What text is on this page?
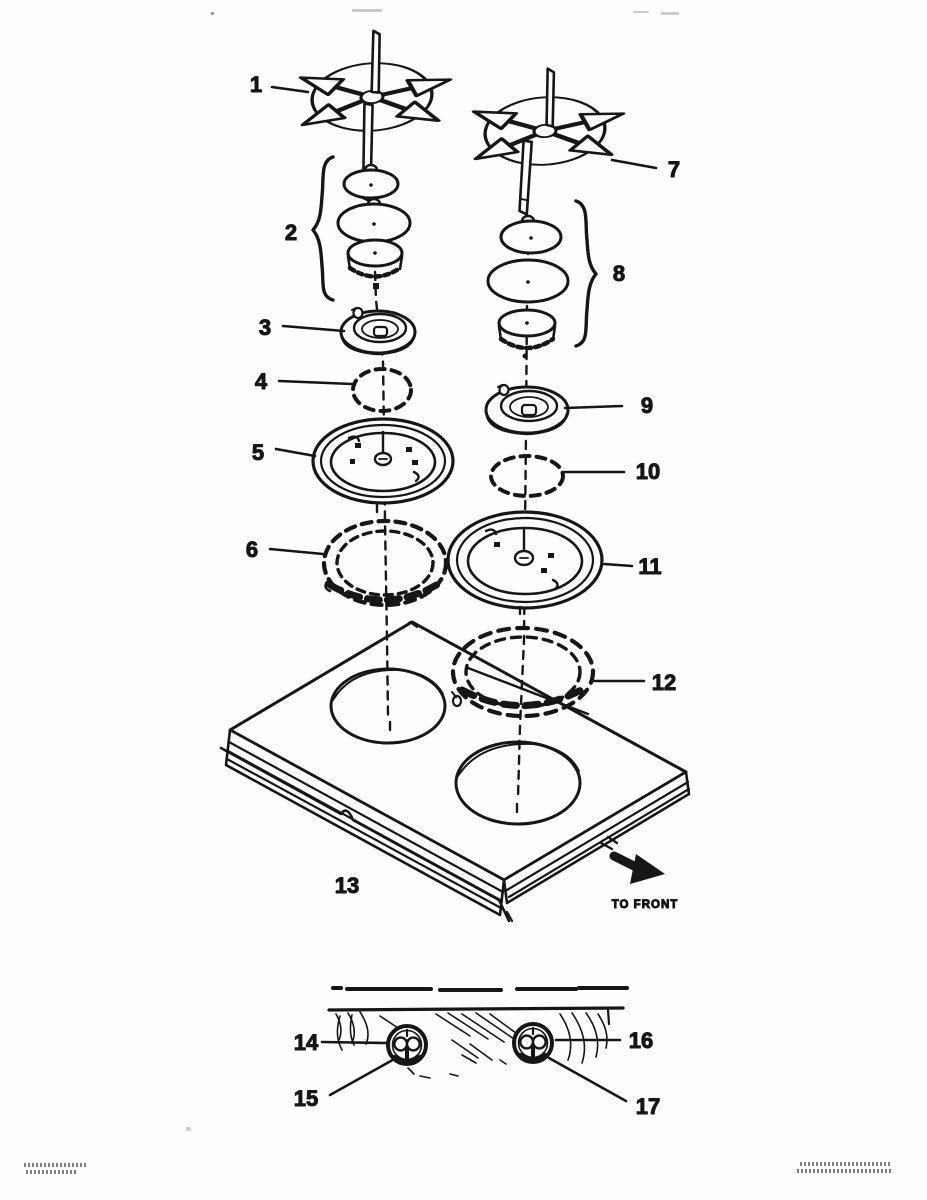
1
2
3
4
5
6
7
8
9
10
11
12
13
14
15
16
17
TO FRONT
